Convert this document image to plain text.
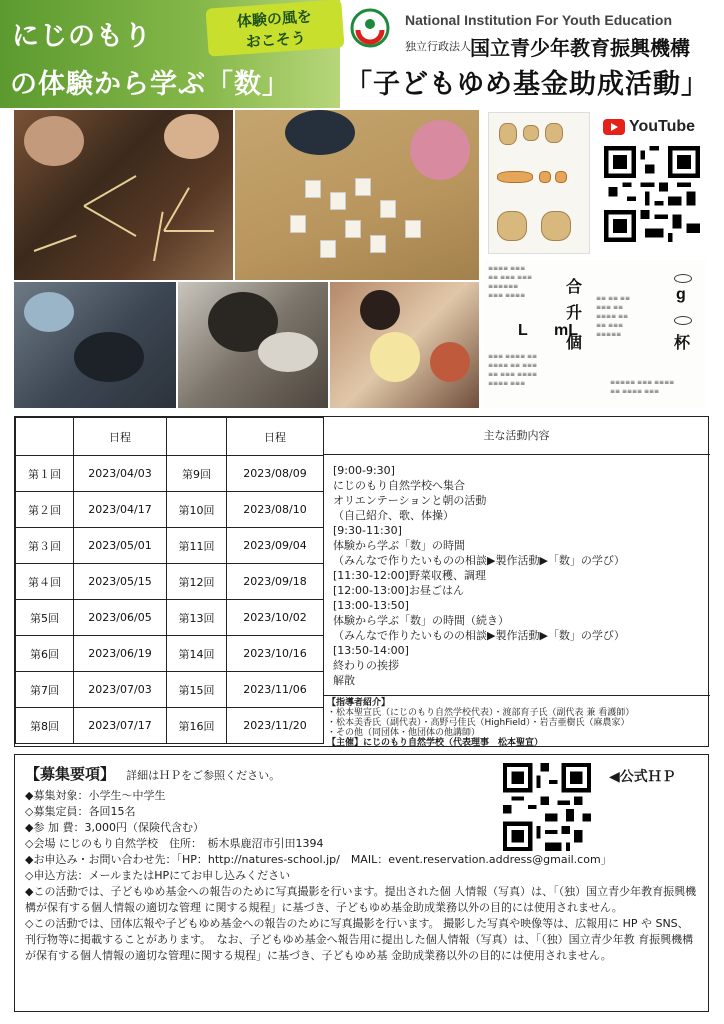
にじのもり
の体験から学ぶ「数」
体験の風を
おこそう
National Institution For Youth Education
独立行政法人 国立青少年教育振興機構
「子どもゆめ基金助成活動」
YouTube
≡≡≡≡ ≡≡≡
≡≡ ≡≡≡ ≡≡≡
≡≡≡≡≡≡
≡≡≡ ≡≡≡≡
L mL
合
升
個
g
杯
≡≡ ≡≡ ≡≡
≡≡≡ ≡≡
≡≡≡≡ ≡≡
≡≡ ≡≡≡
≡≡≡≡≡
≡≡≡ ≡≡≡≡ ≡≡
≡≡≡≡ ≡≡ ≡≡≡
≡≡ ≡≡≡ ≡≡≡≡
≡≡≡≡ ≡≡≡	≡≡≡≡≡ ≡≡≡ ≡≡≡≡
≡≡ ≡≡≡≡ ≡≡≡
	日程		日程
第１回	2023/04/03	第9回	2023/08/09
第２回	2023/04/17	第10回	2023/08/10
第３回	2023/05/01	第11回	2023/09/04
第４回	2023/05/15	第12回	2023/09/18
第5回	2023/06/05	第13回	2023/10/02
第6回	2023/06/19	第14回	2023/10/16
第7回	2023/07/03	第15回	2023/11/06
第8回	2023/07/17	第16回	2023/11/20
主な活動内容
[9:00-9:30]
にじのもり自然学校へ集合
オリエンテーションと朝の活動
（自己紹介、歌、体操）
[9:30-11:30]
体験から学ぶ「数」の時間
（みんなで作りたいものの相談▶製作活動▶「数」の学び）
[11:30-12:00]野菜収穫、調理
[12:00-13:00]お昼ごはん
[13:00-13:50]
体験から学ぶ「数」の時間（続き）
（みんなで作りたいものの相談▶製作活動▶「数」の学び）
[13:50-14:00]
終わりの挨拶
解散
【指導者紹介】
・松本聖宣氏（にじのもり自然学校代表）・渡部育子氏（副代表 兼 看護師）
・松本美香氏（副代表）・高野弓佳氏（HighField）・岩吉亜樹氏（麻農家）
・その他（同団体・他団体の他講師）
【主催】にじのもり自然学校（代表理事　松本聖宣）
【募集要項】 詳細はＨＰをご参照ください。	◀公式ＨＰ
◆募集対象：小学生～中学生
◇募集定員：各回15名
◆参 加 費：3,000円（保険代含む）
◇会場 にじのもり自然学校　住所：　栃木県鹿沼市引田1394
◆お申込み・お問い合わせ先：「HP：http://natures-school.jp/　MAIL：event.reservation.address@gmail.com」
◇申込方法：メールまたはHPにてお申し込みください
◆この活動では、子どもゆめ基金への報告のために写真撮影を行います。提出された個 人情報（写真）は、「（独）国立青少年教育振興機構が保有する個人情報の適切な管理 に関する規程」に基づき、子どもゆめ基金助成業務以外の目的には使用されません。
◇この活動では、団体広報や子どもゆめ基金への報告のために写真撮影を行います。 撮影した写真や映像等は、広報用に HP や SNS、刊行物等に掲載することがあります。　なお、子どもゆめ基金へ報告用に提出した個人情報（写真）は、「（独）国立青少年教 育振興機構が保有する個人情報の適切な管理に関する規程」に基づき、子どもゆめ基 金助成業務以外の目的には使用されません。
